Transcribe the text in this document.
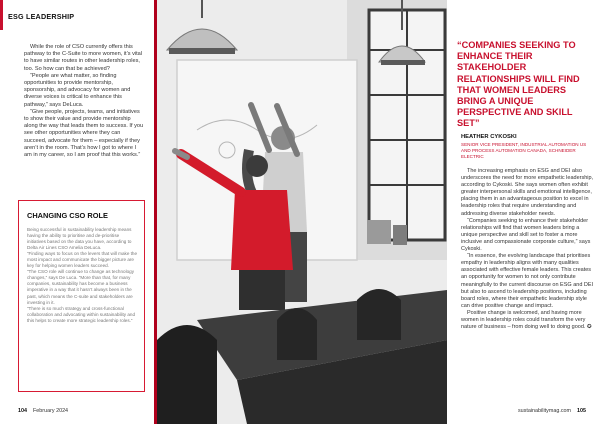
ESG LEADERSHIP

While the role of CSO currently offers this pathway to the C-Suite to more women, it’s vital to have similar routes in other leadership roles, too. So how can that be achieved?

“People are what matter, so finding opportunities to provide mentorship, sponsorship, and advocacy for women and diverse voices is critical to enhance this pathway,” says DeLuca.

“Give people, projects, teams, and initiatives to show their value and provide mentorship along the way that leads them to success. If you see other opportunities where they can succeed, advocate for them – especially if they aren’t in the room. That’s how I got to where I am in my career, so I am proof that this works.”

CHANGING CSO ROLE

Being successful in sustainability leadership means having the ability to prioritise and de-prioritise initiatives based on the data you have, according to Delta Air Lines CSO Amelia DeLuca.

“Finding ways to focus on the levers that will make the most impact and communicate the bigger picture are key for helping women leaders succeed.

“The CSO role will continue to change as technology changes,” says De Luca. “More than that, for many companies, sustainability has become a business imperative in a way that it hasn’t always been in the past, which means the C-suite and stakeholders are investing in it.

“There is so much strategy and cross-functional collaboration and advocating within sustainability and this helps to create more strategic leadership roles.”

104 February 2024
“COMPANIES SEEKING TO ENHANCE THEIR STAKEHOLDER RELATIONSHIPS WILL FIND THAT WOMEN LEADERS BRING A UNIQUE PERSPECTIVE AND SKILL SET”
HEATHER CYKOSKI
SENIOR VICE PRESIDENT, INDUSTRIAL AUTOMATION US AND PROCESS AUTOMATION CANADA, SCHNEIDER ELECTRIC

The increasing emphasis on ESG and DEI also underscores the need for more empathetic leadership, according to Cykoski. She says women often exhibit greater interpersonal skills and emotional intelligence, placing them in an advantageous position to excel in leadership roles that require understanding and addressing diverse stakeholder needs.

“Companies seeking to enhance their stakeholder relationships will find that women leaders bring a unique perspective and skill set to foster a more inclusive and compassionate corporate culture,” says Cykoski.

“In essence, the evolving landscape that prioritises empathy in leadership aligns with many qualities associated with effective female leaders. This creates an opportunity for women to not only contribute meaningfully to the current discourse on ESG and DEI but also to ascend to leadership positions, including board roles, where their empathetic leadership style can drive positive change and impact.

Positive change is welcomed, and having more women in leadership roles could transform the very nature of business – from doing well to doing good. ✪

sustainabilitymag.com 105
